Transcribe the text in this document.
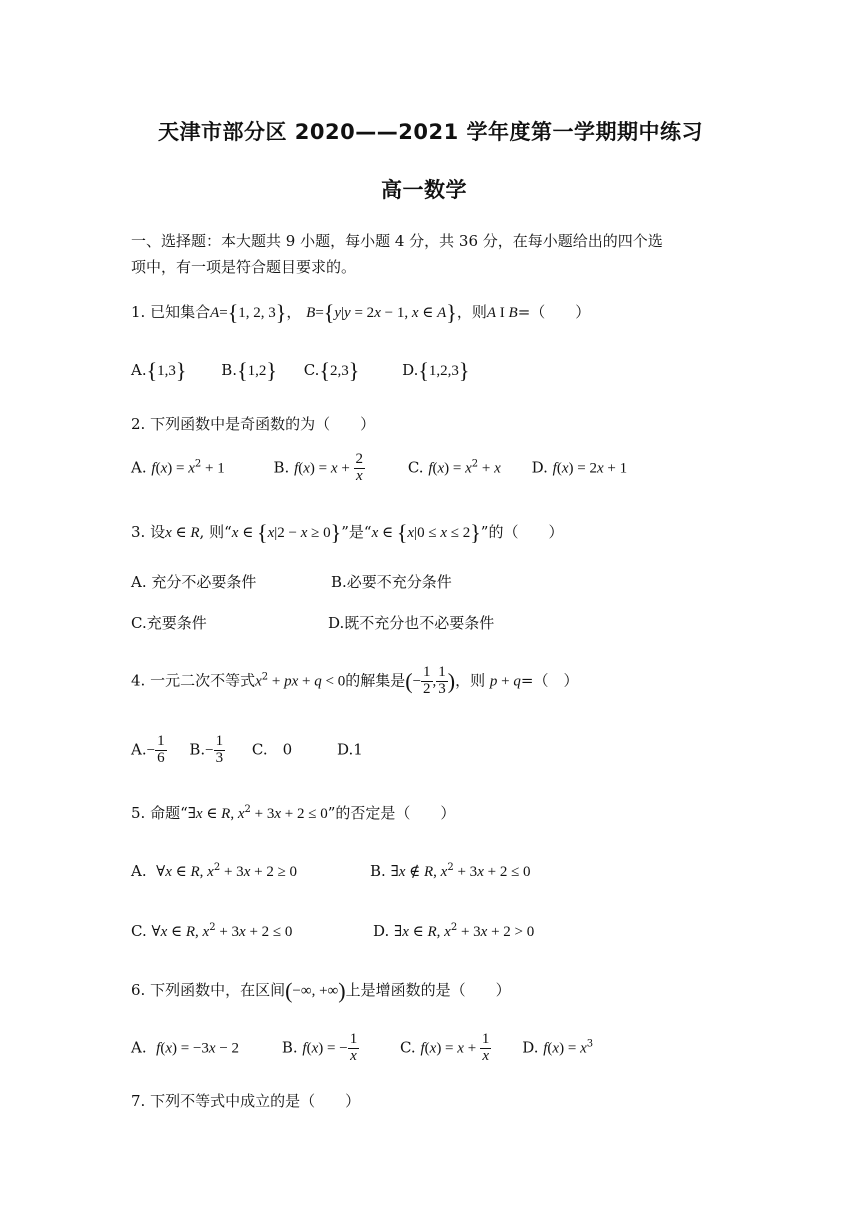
天津市部分区 2020——2021 学年度第一学期期中练习
高一数学
一、选择题：本大题共 9 小题，每小题 4 分，共 36 分，在每小题给出的四个选
项中，有一项是符合题目要求的。
1. 已知集合A={1, 2, 3}， B={y|y = 2x − 1, x ∈ A}，则A I B=（　　）
A.{1,3} B.{1,2} C.{2,3}	D.{1,2,3}
2. 下列函数中是奇函数的为（　　）
A. $f(x) = x^2 + 1$	B. $f(x) = x + \frac{2}{x}$	C. $f(x) = x^2 + x$ D. f(x) = 2x + 1
3. 设x ∈ R, 则“x ∈ {x|2 − x ≥ 0}”是“x ∈ {x|0 ≤ x ≤ 2}”的（　　）
A. 充分不必要条件	B.必要不充分条件
C.充要条件	D.既不充分也不必要条件
4. 一元二次不等式$x^2$ + px + q < 0的解集是(− $\frac{1}{2}$ , $\frac{1}{3}$ )，则 p + q=（　）
$A.- \frac{1}{6} B.- \frac{1}{3} C$.　0	D.1
5. 命题“∃x ∈ R, $x^2 + 3x + 2 \le 0$”的否定是（　　）
A. ∀x ∈ R, $x^2 + 3x + 2 \ge 0$	B. ∃x ∉ R, $x^2 + 3x + 2 \le 0$
C. ∀x ∈ R, $x^2 + 3x + 2 \le 0$	D. ∃x ∈ R, $x^2 + 3x + 2 > 0$
6. 下列函数中，在区间(−∞, +∞)上是增函数的是（　　）
A. f(x) = −3x − 2	B. f(x) = − $\frac{1}{x}$	C. $f(x) = x + \frac{1}{x} D$. $f(x) = x^3$
7. 下列不等式中成立的是（　　）
